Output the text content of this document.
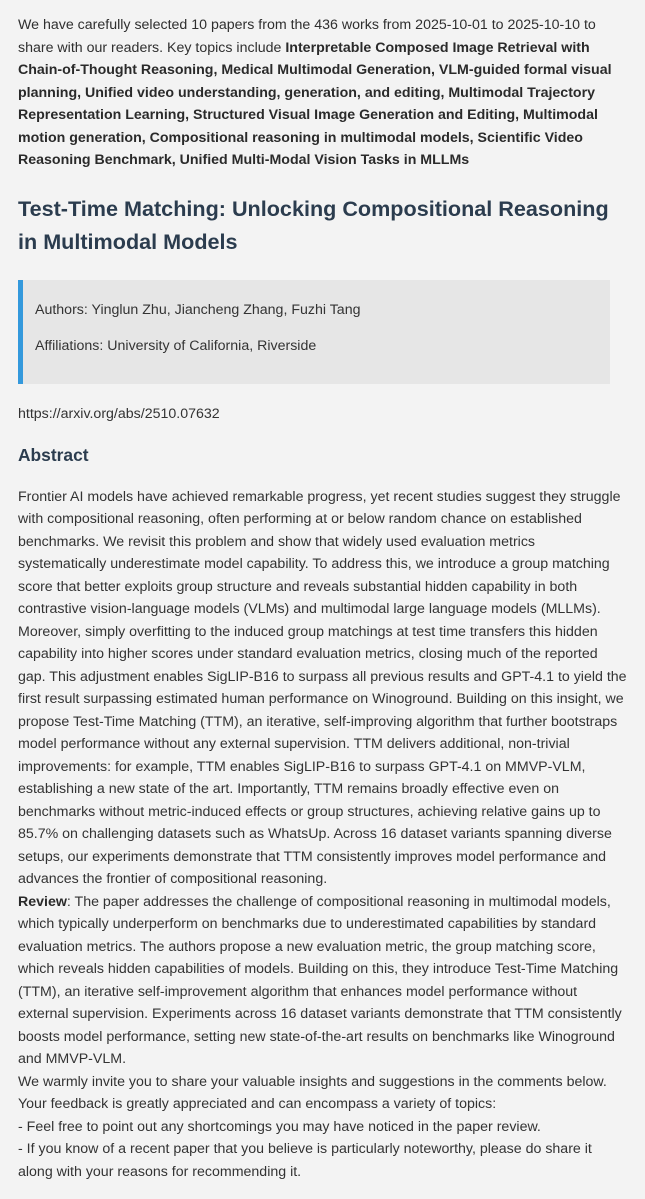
We have carefully selected 10 papers from the 436 works from 2025-10-01 to 2025-10-10 to share with our readers. Key topics include Interpretable Composed Image Retrieval with Chain-of-Thought Reasoning, Medical Multimodal Generation, VLM-guided formal visual planning, Unified video understanding, generation, and editing, Multimodal Trajectory Representation Learning, Structured Visual Image Generation and Editing, Multimodal motion generation, Compositional reasoning in multimodal models, Scientific Video Reasoning Benchmark, Unified Multi-Modal Vision Tasks in MLLMs

Test-Time Matching: Unlocking Compositional Reasoning in Multimodal Models

Authors: Yinglun Zhu, Jiancheng Zhang, Fuzhi Tang

Affiliations: University of California, Riverside

https://arxiv.org/abs/2510.07632

Abstract
Frontier AI models have achieved remarkable progress, yet recent studies suggest they struggle with compositional reasoning, often performing at or below random chance on established benchmarks. We revisit this problem and show that widely used evaluation metrics systematically underestimate model capability. To address this, we introduce a group matching score that better exploits group structure and reveals substantial hidden capability in both contrastive vision-language models (VLMs) and multimodal large language models (MLLMs). Moreover, simply overfitting to the induced group matchings at test time transfers this hidden capability into higher scores under standard evaluation metrics, closing much of the reported gap. This adjustment enables SigLIP-B16 to surpass all previous results and GPT-4.1 to yield the first result surpassing estimated human performance on Winoground. Building on this insight, we propose Test-Time Matching (TTM), an iterative, self-improving algorithm that further bootstraps model performance without any external supervision. TTM delivers additional, non-trivial improvements: for example, TTM enables SigLIP-B16 to surpass GPT-4.1 on MMVP-VLM, establishing a new state of the art. Importantly, TTM remains broadly effective even on benchmarks without metric-induced effects or group structures, achieving relative gains up to 85.7% on challenging datasets such as WhatsUp. Across 16 dataset variants spanning diverse setups, our experiments demonstrate that TTM consistently improves model performance and advances the frontier of compositional reasoning.
Review: The paper addresses the challenge of compositional reasoning in multimodal models, which typically underperform on benchmarks due to underestimated capabilities by standard evaluation metrics. The authors propose a new evaluation metric, the group matching score, which reveals hidden capabilities of models. Building on this, they introduce Test-Time Matching (TTM), an iterative self-improvement algorithm that enhances model performance without external supervision. Experiments across 16 dataset variants demonstrate that TTM consistently boosts model performance, setting new state-of-the-art results on benchmarks like Winoground and MMVP-VLM.
We warmly invite you to share your valuable insights and suggestions in the comments below. Your feedback is greatly appreciated and can encompass a variety of topics:
- Feel free to point out any shortcomings you may have noticed in the paper review.
- If you know of a recent paper that you believe is particularly noteworthy, please do share it along with your reasons for recommending it.
